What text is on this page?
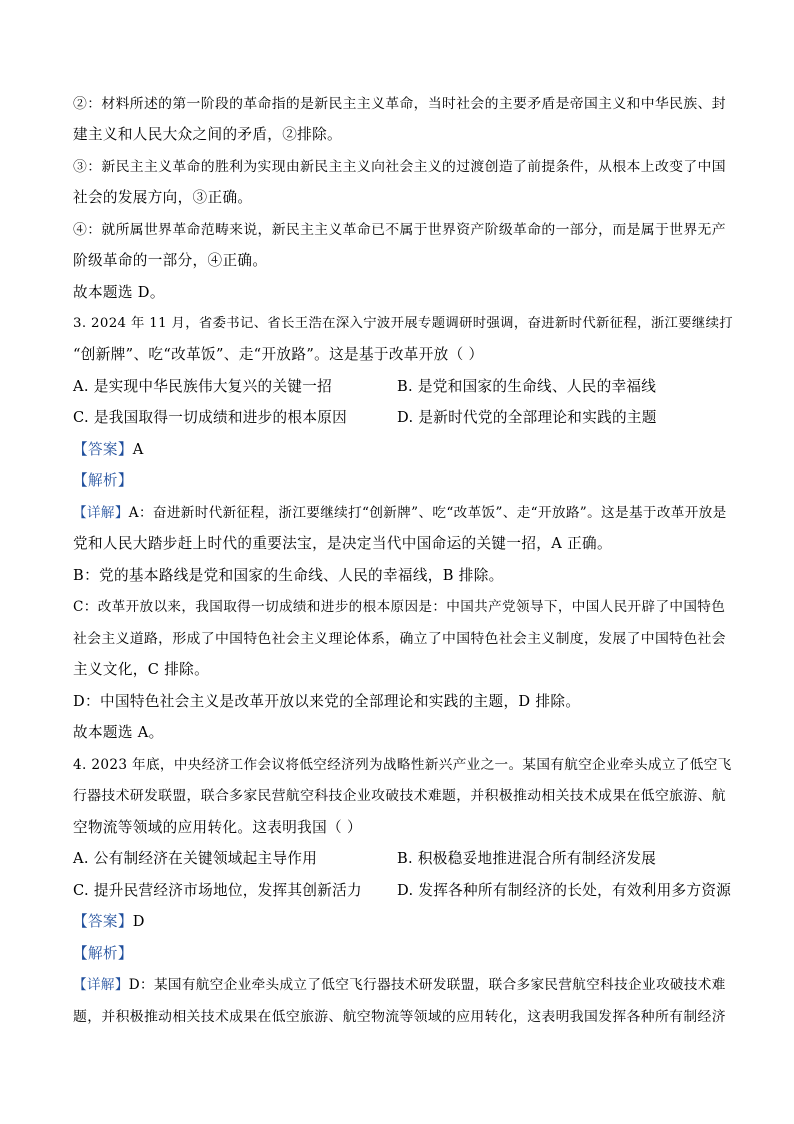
②：材料所述的第一阶段的革命指的是新民主主义革命，当时社会的主要矛盾是帝国主义和中华民族、封
建主义和人民大众之间的矛盾，②排除。
③：新民主主义革命的胜利为实现由新民主主义向社会主义的过渡创造了前提条件，从根本上改变了中国
社会的发展方向，③正确。
④：就所属世界革命范畴来说，新民主主义革命已不属于世界资产阶级革命的一部分，而是属于世界无产
阶级革命的一部分，④正确。
故本题选 D。
3. 2024 年 11 月，省委书记、省长王浩在深入宁波开展专题调研时强调，奋进新时代新征程，浙江要继续打
“创新牌”、吃“改革饭”、走“开放路”。这是基于改革开放（ ）
A. 是实现中华民族伟大复兴的关键一招	B. 是党和国家的生命线、人民的幸福线
C. 是我国取得一切成绩和进步的根本原因	D. 是新时代党的全部理论和实践的主题
【答案】A
【解析】
【详解】A：奋进新时代新征程，浙江要继续打“创新牌”、吃“改革饭”、走“开放路”。这是基于改革开放是
党和人民大踏步赶上时代的重要法宝，是决定当代中国命运的关键一招，A 正确。
B：党的基本路线是党和国家的生命线、人民的幸福线，B 排除。
C：改革开放以来，我国取得一切成绩和进步的根本原因是：中国共产党领导下，中国人民开辟了中国特色
社会主义道路，形成了中国特色社会主义理论体系，确立了中国特色社会主义制度，发展了中国特色社会
主义文化，C 排除。
D：中国特色社会主义是改革开放以来党的全部理论和实践的主题，D 排除。
故本题选 A。
4. 2023 年底，中央经济工作会议将低空经济列为战略性新兴产业之一。某国有航空企业牵头成立了低空飞
行器技术研发联盟，联合多家民营航空科技企业攻破技术难题，并积极推动相关技术成果在低空旅游、航
空物流等领域的应用转化。这表明我国（ ）
A. 公有制经济在关键领域起主导作用	B. 积极稳妥地推进混合所有制经济发展
C. 提升民营经济市场地位，发挥其创新活力 D. 发挥各种所有制经济的长处，有效利用多方资源
【答案】D
【解析】
【详解】D：某国有航空企业牵头成立了低空飞行器技术研发联盟，联合多家民营航空科技企业攻破技术难
题，并积极推动相关技术成果在低空旅游、航空物流等领域的应用转化，这表明我国发挥各种所有制经济
